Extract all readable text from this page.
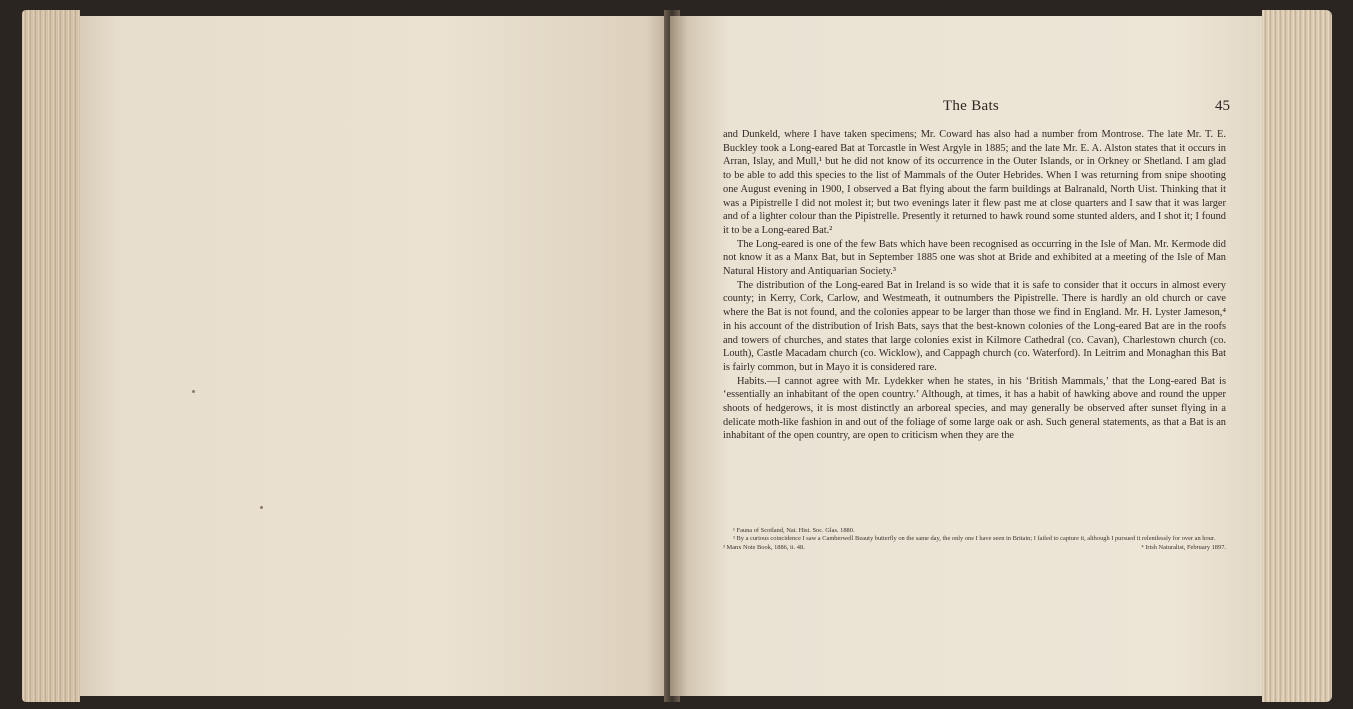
The Bats	45

and Dunkeld, where I have taken specimens; Mr. Coward has also had a number from Montrose. The late Mr. T. E. Buckley took a Long-eared Bat at Torcastle in West Argyle in 1885; and the late Mr. E. A. Alston states that it occurs in Arran, Islay, and Mull,¹ but he did not know of its occurrence in the Outer Islands, or in Orkney or Shetland. I am glad to be able to add this species to the list of Mammals of the Outer Hebrides. When I was returning from snipe shooting one August evening in 1900, I observed a Bat flying about the farm buildings at Balranald, North Uist. Thinking that it was a Pipistrelle I did not molest it; but two evenings later it flew past me at close quarters and I saw that it was larger and of a lighter colour than the Pipistrelle. Presently it returned to hawk round some stunted alders, and I shot it; I found it to be a Long-eared Bat.²

The Long-eared is one of the few Bats which have been recognised as occurring in the Isle of Man. Mr. Kermode did not know it as a Manx Bat, but in September 1885 one was shot at Bride and exhibited at a meeting of the Isle of Man Natural History and Antiquarian Society.³

The distribution of the Long-eared Bat in Ireland is so wide that it is safe to consider that it occurs in almost every county; in Kerry, Cork, Carlow, and Westmeath, it outnumbers the Pipistrelle. There is hardly an old church or cave where the Bat is not found, and the colonies appear to be larger than those we find in England. Mr. H. Lyster Jameson,⁴ in his account of the distribution of Irish Bats, says that the best-known colonies of the Long-eared Bat are in the roofs and towers of churches, and states that large colonies exist in Kilmore Cathedral (co. Cavan), Charlestown church (co. Louth), Castle Macadam church (co. Wicklow), and Cappagh church (co. Waterford). In Leitrim and Monaghan this Bat is fairly common, but in Mayo it is considered rare.

Habits.—I cannot agree with Mr. Lydekker when he states, in his ‘British Mammals,’ that the Long-eared Bat is ‘essentially an inhabitant of the open country.’ Although, at times, it has a habit of hawking above and round the upper shoots of hedgerows, it is most distinctly an arboreal species, and may generally be observed after sunset flying in a delicate moth-like fashion in and out of the foliage of some large oak or ash. Such general statements, as that a Bat is an inhabitant of the open country, are open to criticism when they are the

¹ Fauna of Scotland, Nat. Hist. Soc. Glas. 1880.
² By a curious coincidence I saw a Camberwell Beauty butterfly on the same day, the only one I have seen in Britain; I failed to capture it, although I pursued it relentlessly for over an hour.
³ Manx Note Book, 1886, ii. 48.	⁴ Irish Naturalist, February 1897.
